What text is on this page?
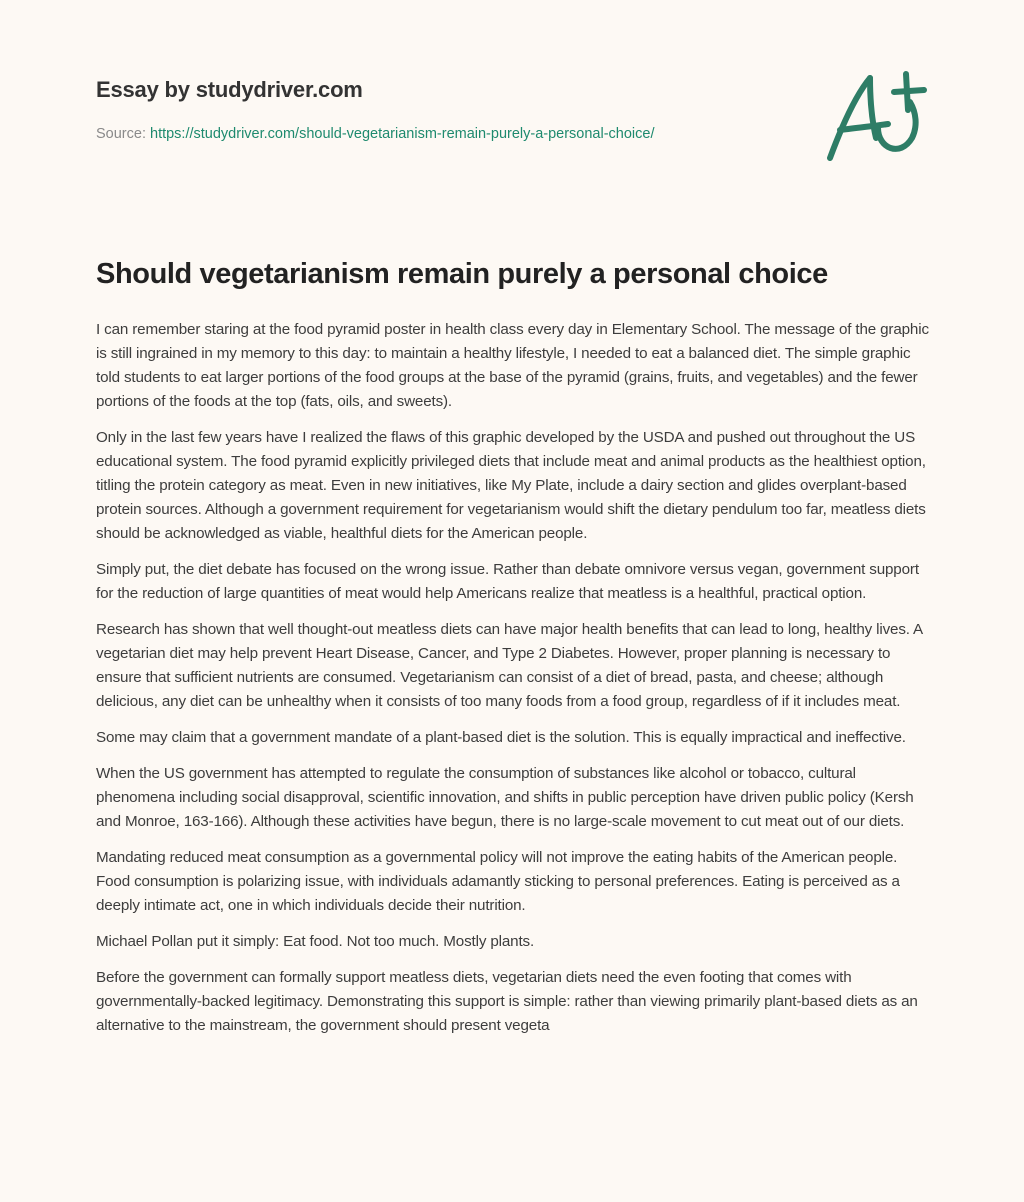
Essay by studydriver.com
Source: https://studydriver.com/should-vegetarianism-remain-purely-a-personal-choice/
Should vegetarianism remain purely a personal choice

I can remember staring at the food pyramid poster in health class every day in Elementary School. The message of the graphic is still ingrained in my memory to this day: to maintain a healthy lifestyle, I needed to eat a balanced diet. The simple graphic told students to eat larger portions of the food groups at the base of the pyramid (grains, fruits, and vegetables) and the fewer portions of the foods at the top (fats, oils, and sweets).

Only in the last few years have I realized the flaws of this graphic developed by the USDA and pushed out throughout the US educational system. The food pyramid explicitly privileged diets that include meat and animal products as the healthiest option, titling the protein category as meat. Even in new initiatives, like My Plate, include a dairy section and glides overplant-based protein sources. Although a government requirement for vegetarianism would shift the dietary pendulum too far, meatless diets should be acknowledged as viable, healthful diets for the American people.

Simply put, the diet debate has focused on the wrong issue. Rather than debate omnivore versus vegan, government support for the reduction of large quantities of meat would help Americans realize that meatless is a healthful, practical option.

Research has shown that well thought-out meatless diets can have major health benefits that can lead to long, healthy lives. A vegetarian diet may help prevent Heart Disease, Cancer, and Type 2 Diabetes. However, proper planning is necessary to ensure that sufficient nutrients are consumed. Vegetarianism can consist of a diet of bread, pasta, and cheese; although delicious, any diet can be unhealthy when it consists of too many foods from a food group, regardless of if it includes meat.

Some may claim that a government mandate of a plant-based diet is the solution. This is equally impractical and ineffective.

When the US government has attempted to regulate the consumption of substances like alcohol or tobacco, cultural phenomena including social disapproval, scientific innovation, and shifts in public perception have driven public policy (Kersh and Monroe, 163-166). Although these activities have begun, there is no large-scale movement to cut meat out of our diets.

Mandating reduced meat consumption as a governmental policy will not improve the eating habits of the American people. Food consumption is polarizing issue, with individuals adamantly sticking to personal preferences. Eating is perceived as a deeply intimate act, one in which individuals decide their nutrition.

Michael Pollan put it simply: Eat food. Not too much. Mostly plants.

Before the government can formally support meatless diets, vegetarian diets need the even footing that comes with governmentally-backed legitimacy. Demonstrating this support is simple: rather than viewing primarily plant-based diets as an alternative to the mainstream, the government should present vegeta
